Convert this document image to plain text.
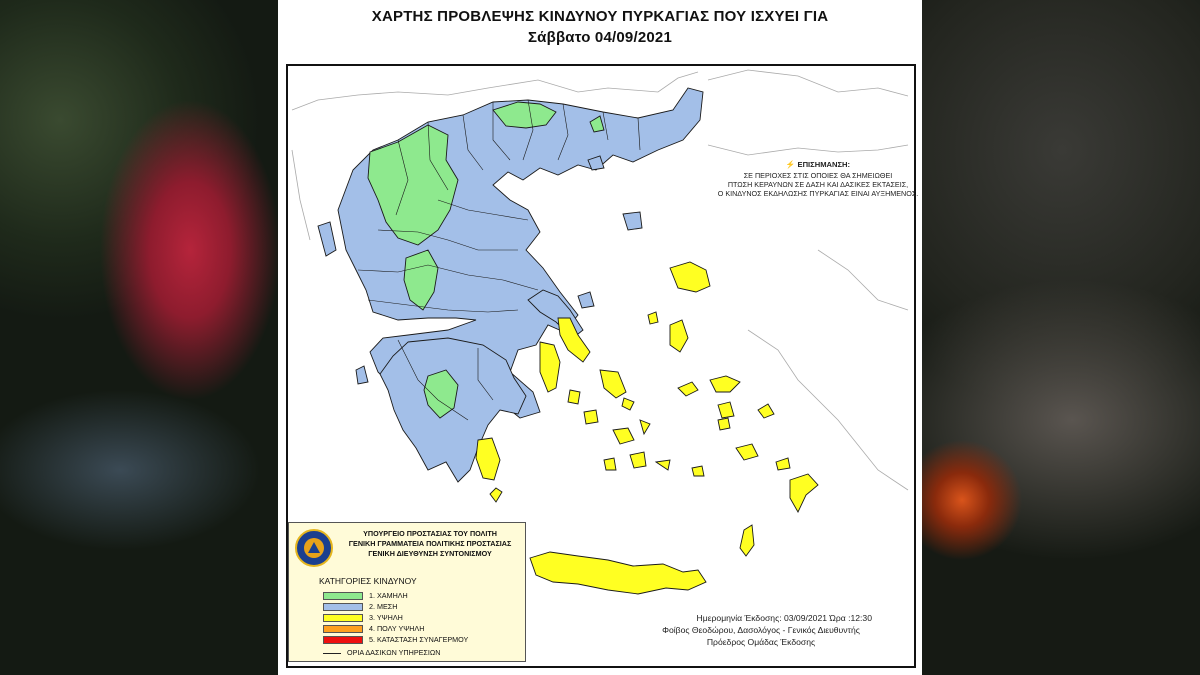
ΧΑΡΤΗΣ ΠΡΟΒΛΕΨΗΣ ΚΙΝΔΥΝΟΥ ΠΥΡΚΑΓΙΑΣ ΠΟΥ ΙΣΧΥΕΙ ΓΙΑ
Σάββατο 04/09/2021
⚡ ΕΠΙΣΗΜΑΝΣΗ:
ΣΕ ΠΕΡΙΟΧΕΣ ΣΤΙΣ ΟΠΟΙΕΣ ΘΑ ΣΗΜΕΙΩΘΕΙ
ΠΤΩΣΗ ΚΕΡΑΥΝΩΝ ΣΕ ΔΑΣΗ ΚΑΙ ΔΑΣΙΚΕΣ ΕΚΤΑΣΕΙΣ,
Ο ΚΙΝΔΥΝΟΣ ΕΚΔΗΛΩΣΗΣ ΠΥΡΚΑΓΙΑΣ ΕΙΝΑΙ ΑΥΞΗΜΕΝΟΣ.
ΥΠΟΥΡΓΕΙΟ ΠΡΟΣΤΑΣΙΑΣ ΤΟΥ ΠΟΛΙΤΗ
ΓΕΝΙΚΗ ΓΡΑΜΜΑΤΕΙΑ ΠΟΛΙΤΙΚΗΣ ΠΡΟΣΤΑΣΙΑΣ
ΓΕΝΙΚΗ ΔΙΕΥΘΥΝΣΗ ΣΥΝΤΟΝΙΣΜΟΥ
ΚΑΤΗΓΟΡΙΕΣ ΚΙΝΔΥΝΟΥ
1. ΧΑΜΗΛΗ
2. ΜΕΣΗ
3. ΥΨΗΛΗ
4. ΠΟΛΥ ΥΨΗΛΗ
5. ΚΑΤΑΣΤΑΣΗ ΣΥΝΑΓΕΡΜΟΥ
ΟΡΙΑ ΔΑΣΙΚΩΝ ΥΠΗΡΕΣΙΩΝ
Ημερομηνία Έκδοσης: 03/09/2021 Ώρα :12:30
Φοίβος Θεοδώρου, Δασολόγος - Γενικός Διευθυντής
Πρόεδρος Ομάδας Έκδοσης
